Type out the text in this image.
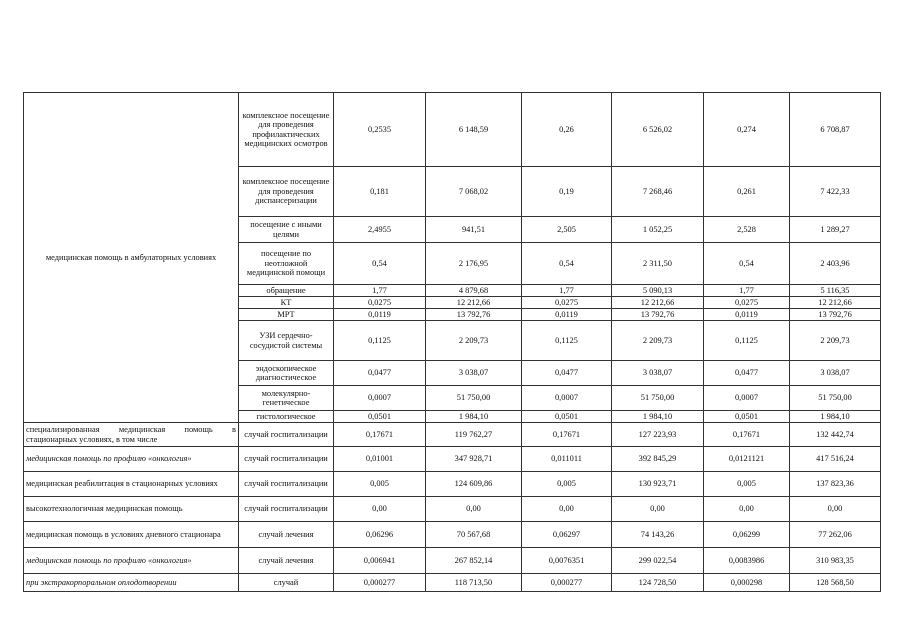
медицинская помощь в амбулаторных условиях	комплексное посещение для проведения профилактических медицинских осмотров	0,2535	6 148,59	0,26	6 526,02	0,274	6 708,87
	комплексное посещение для проведения диспансеризации	0,181	7 068,02	0,19	7 268,46	0,261	7 422,33
	посещение с иными целями	2,4955	941,51	2,505	1 052,25	2,528	1 289,27
	посещение по неотложной медицинской помощи	0,54	2 176,95	0,54	2 311,50	0,54	2 403,96
	обращение	1,77	4 879,68	1,77	5 090,13	1,77	5 116,35
	КТ	0,0275	12 212,66	0,0275	12 212,66	0,0275	12 212,66
	МРТ	0,0119	13 792,76	0,0119	13 792,76	0,0119	13 792,76
	УЗИ сердечно-сосудистой системы	0,1125	2 209,73	0,1125	2 209,73	0,1125	2 209,73
	эндоскопическое диагностическое	0,0477	3 038,07	0,0477	3 038,07	0,0477	3 038,07
	молекулярно-генетическое	0,0007	51 750,00	0,0007	51 750,00	0,0007	51 750,00
	гистологическое	0,0501	1 984,10	0,0501	1 984,10	0,0501	1 984,10
специализированная медицинская помощь в стационарных условиях, в том числе	случай госпитализации	0,17671	119 762,27	0,17671	127 223,93	0,17671	132 442,74
медицинская помощь по профилю «онкология»	случай госпитализации	0,01001	347 928,71	0,011011	392 845,29	0,0121121	417 516,24
медицинская реабилитация в стационарных условиях	случай госпитализации	0,005	124 609,86	0,005	130 923,71	0,005	137 823,36
высокотехнологичная медицинская помощь	случай госпитализации	0,00	0,00	0,00	0,00	0,00	0,00
медицинская помощь в условиях дневного стационара	случай лечения	0,06296	70 567,68	0,06297	74 143,26	0,06299	77 262,06
медицинская помощь по профилю «онкология»	случай лечения	0,006941	267 852,14	0,0076351	299 022,54	0,0083986	310 983,35
при экстракорпоральном оплодотворении	случай	0,000277	118 713,50	0,000277	124 728,50	0,000298	128 568,50
